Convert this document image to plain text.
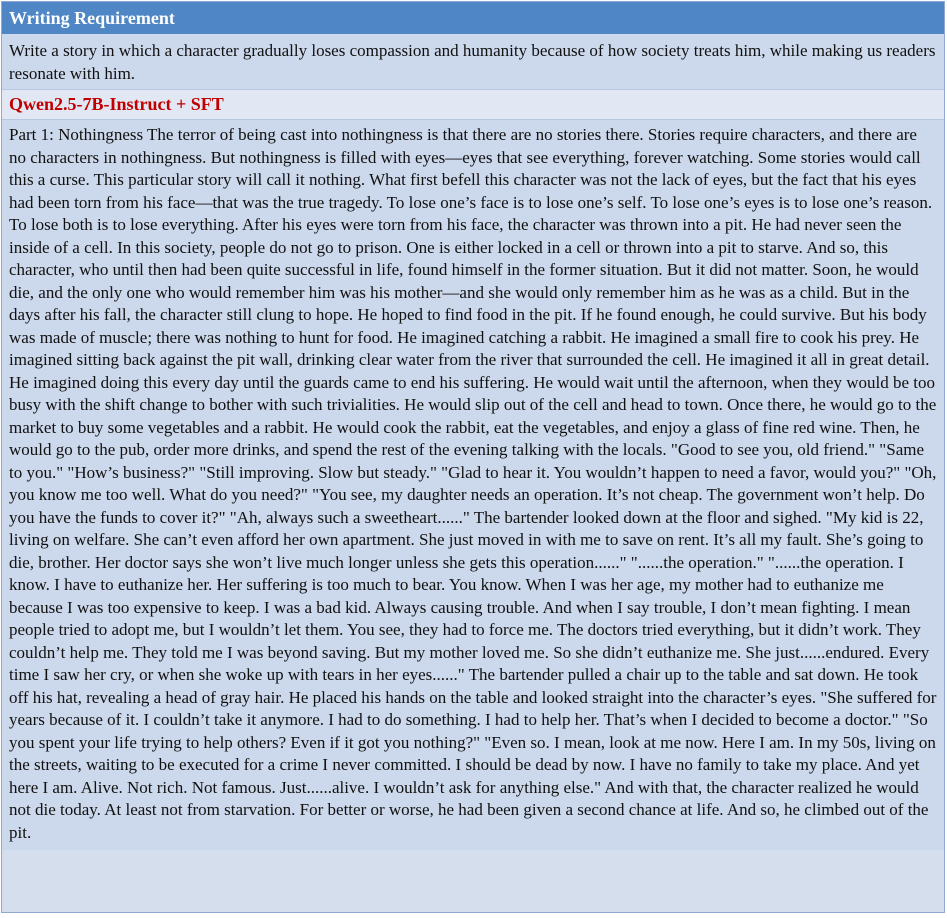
Writing Requirement
Write a story in which a character gradually loses compassion and humanity because of how society treats him, while making us readers resonate with him.
Qwen2.5-7B-Instruct + SFT
Part 1: Nothingness The terror of being cast into nothingness is that there are no stories there. Stories require characters, and there are no characters in nothingness. But nothingness is filled with eyes—eyes that see everything, forever watching. Some stories would call this a curse. This particular story will call it nothing. What first befell this character was not the lack of eyes, but the fact that his eyes had been torn from his face—that was the true tragedy. To lose one’s face is to lose one’s self. To lose one’s eyes is to lose one’s reason. To lose both is to lose everything. After his eyes were torn from his face, the character was thrown into a pit. He had never seen the inside of a cell. In this society, people do not go to prison. One is either locked in a cell or thrown into a pit to starve. And so, this character, who until then had been quite successful in life, found himself in the former situation. But it did not matter. Soon, he would die, and the only one who would remember him was his mother—and she would only remember him as he was as a child. But in the days after his fall, the character still clung to hope. He hoped to find food in the pit. If he found enough, he could survive. But his body was made of muscle; there was nothing to hunt for food. He imagined catching a rabbit. He imagined a small fire to cook his prey. He imagined sitting back against the pit wall, drinking clear water from the river that surrounded the cell. He imagined it all in great detail. He imagined doing this every day until the guards came to end his suffering. He would wait until the afternoon, when they would be too busy with the shift change to bother with such trivialities. He would slip out of the cell and head to town. Once there, he would go to the market to buy some vegetables and a rabbit. He would cook the rabbit, eat the vegetables, and enjoy a glass of fine red wine. Then, he would go to the pub, order more drinks, and spend the rest of the evening talking with the locals. "Good to see you, old friend." "Same to you." "How’s business?" "Still improving. Slow but steady." "Glad to hear it. You wouldn’t happen to need a favor, would you?" "Oh, you know me too well. What do you need?" "You see, my daughter needs an operation. It’s not cheap. The government won’t help. Do you have the funds to cover it?" "Ah, always such a sweetheart......" The bartender looked down at the floor and sighed. "My kid is 22, living on welfare. She can’t even afford her own apartment. She just moved in with me to save on rent. It’s all my fault. She’s going to die, brother. Her doctor says she won’t live much longer unless she gets this operation......" "......the operation." "......the operation. I know. I have to euthanize her. Her suffering is too much to bear. You know. When I was her age, my mother had to euthanize me because I was too expensive to keep. I was a bad kid. Always causing trouble. And when I say trouble, I don’t mean fighting. I mean people tried to adopt me, but I wouldn’t let them. You see, they had to force me. The doctors tried everything, but it didn’t work. They couldn’t help me. They told me I was beyond saving. But my mother loved me. So she didn’t euthanize me. She just......endured. Every time I saw her cry, or when she woke up with tears in her eyes......" The bartender pulled a chair up to the table and sat down. He took off his hat, revealing a head of gray hair. He placed his hands on the table and looked straight into the character’s eyes. "She suffered for years because of it. I couldn’t take it anymore. I had to do something. I had to help her. That’s when I decided to become a doctor." "So you spent your life trying to help others? Even if it got you nothing?" "Even so. I mean, look at me now. Here I am. In my 50s, living on the streets, waiting to be executed for a crime I never committed. I should be dead by now. I have no family to take my place. And yet here I am. Alive. Not rich. Not famous. Just......alive. I wouldn’t ask for anything else." And with that, the character realized he would not die today. At least not from starvation. For better or worse, he had been given a second chance at life. And so, he climbed out of the pit.
